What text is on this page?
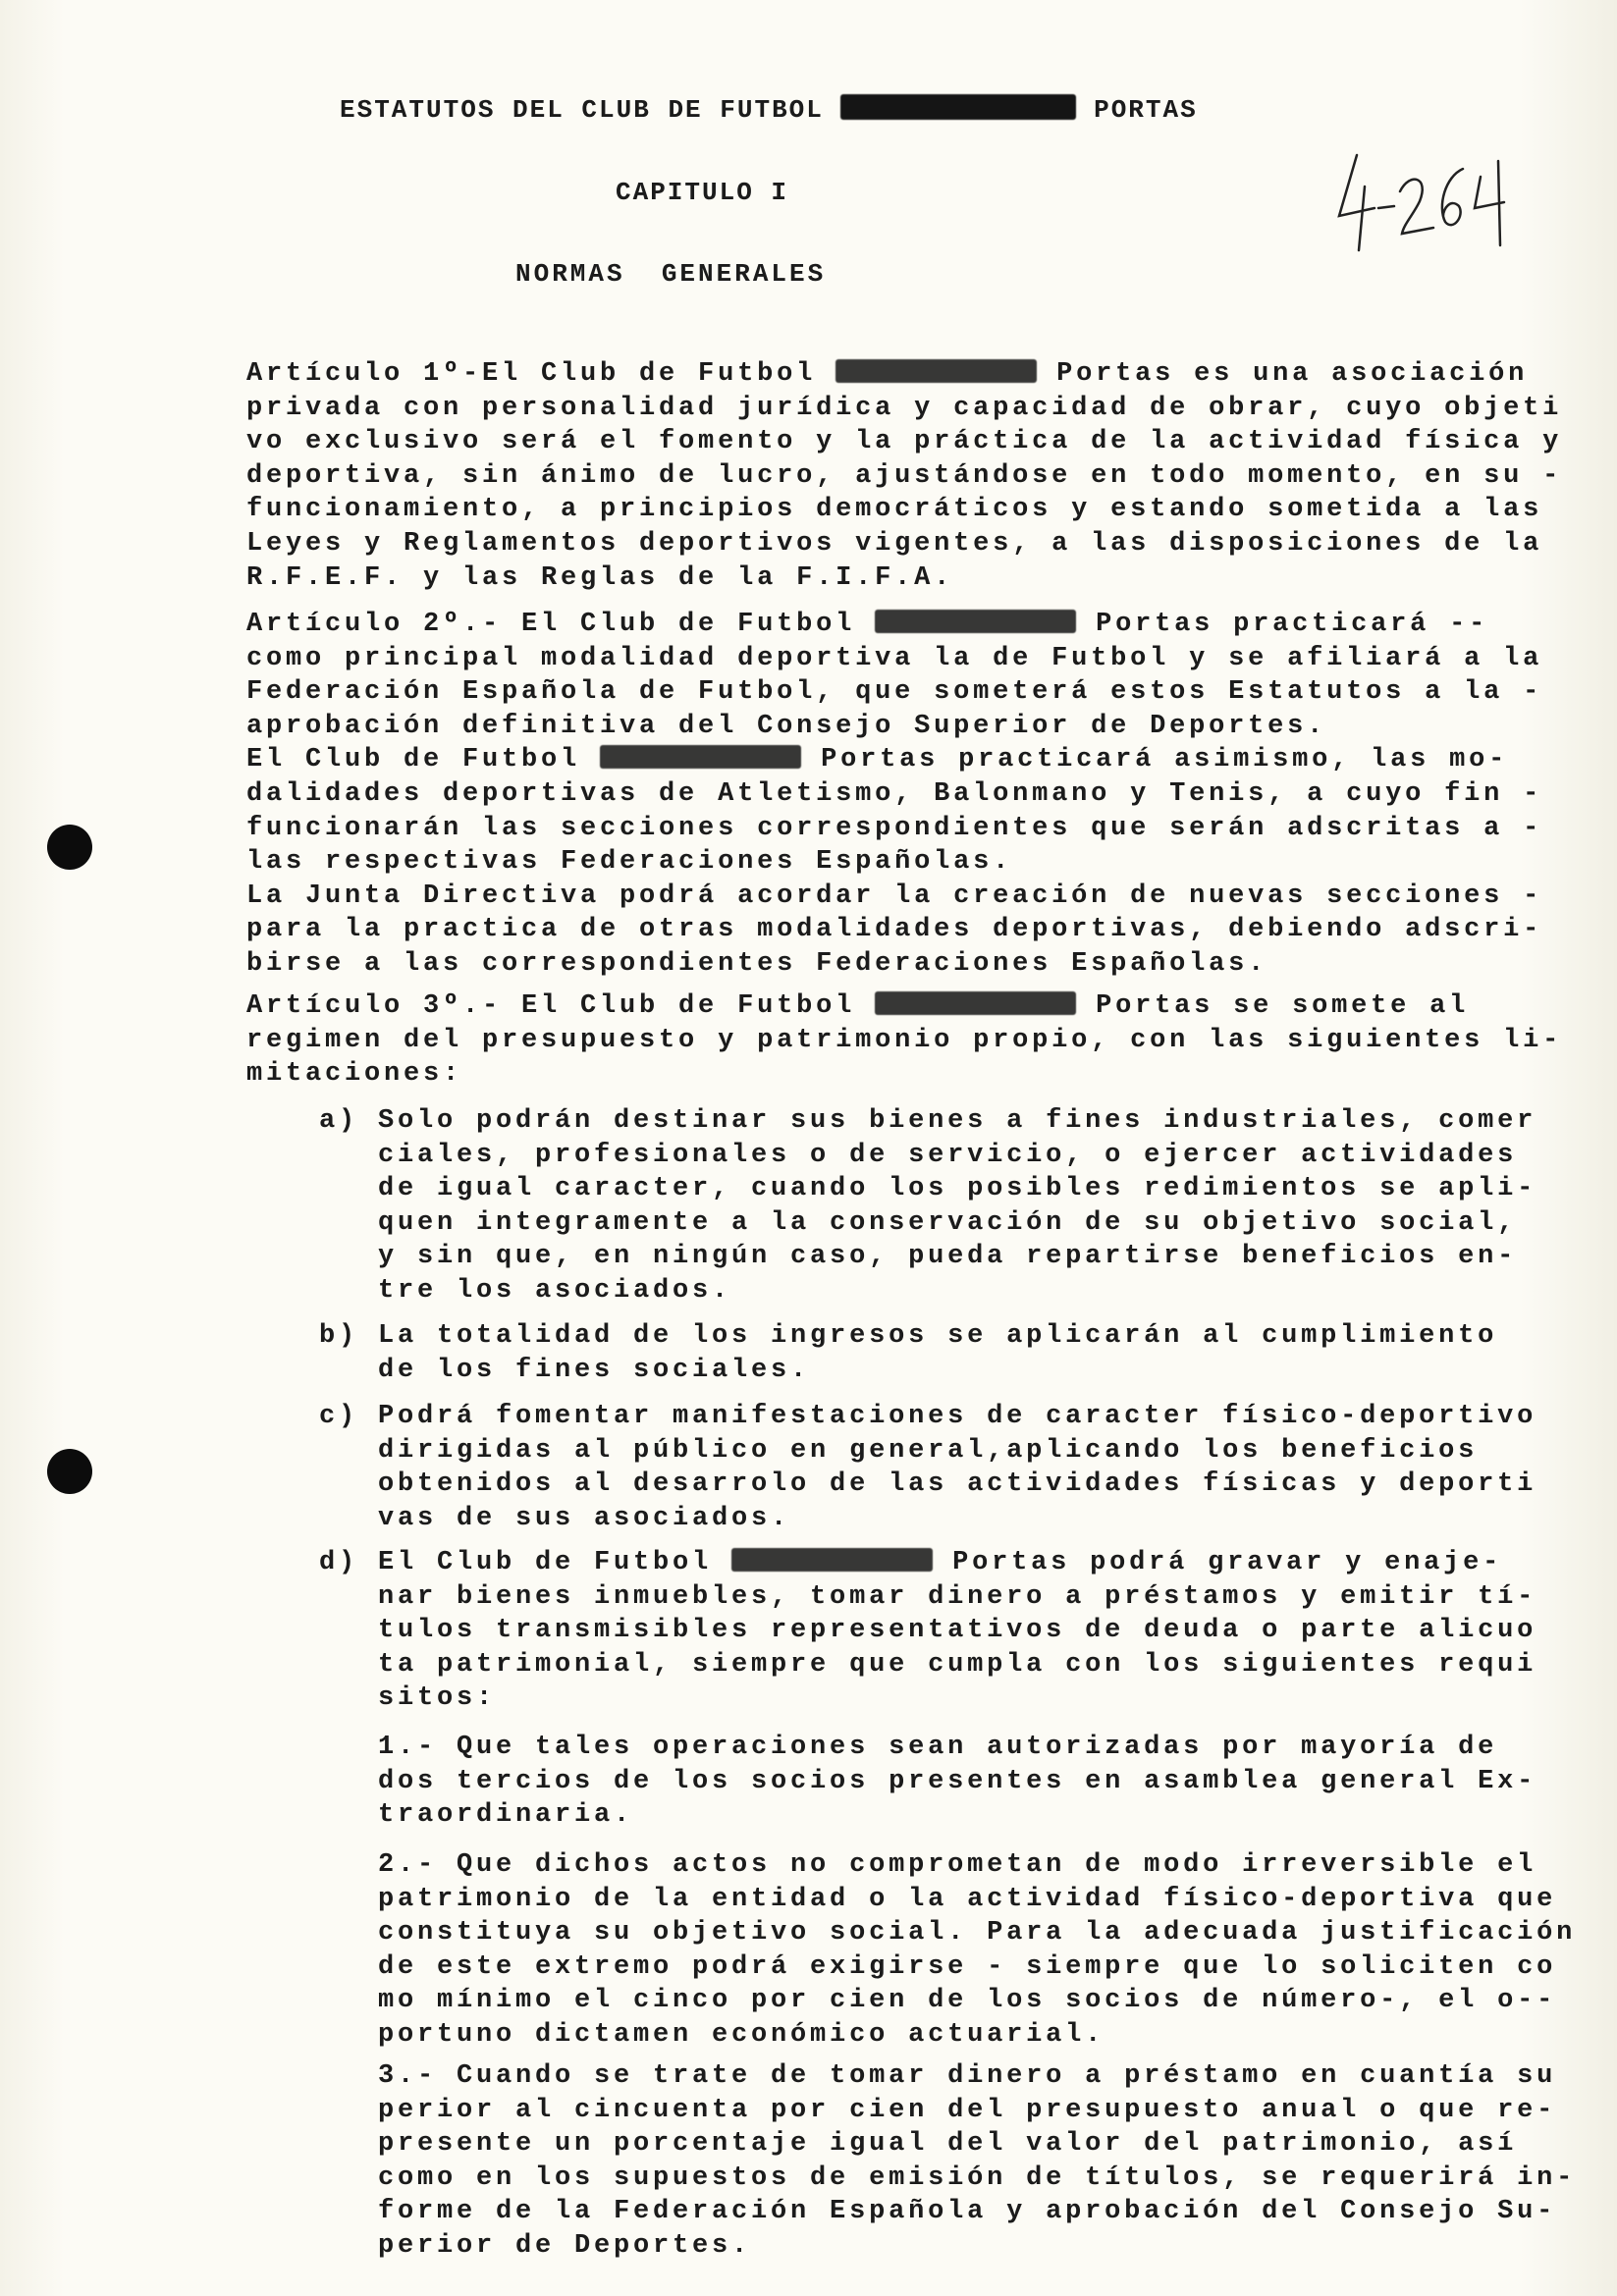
ESTATUTOS DEL CLUB DE FUTBOL	PORTAS
CAPITULO I
NORMAS  GENERALES
Artículo 1º-El Club de Futbol	Portas es una asociación
privada con personalidad jurídica y capacidad de obrar, cuyo objeti
vo exclusivo será el fomento y la práctica de la actividad física y
deportiva, sin ánimo de lucro, ajustándose en todo momento, en su -
funcionamiento, a principios democráticos y estando sometida a las
Leyes y Reglamentos deportivos vigentes, a las disposiciones de la
R.F.E.F. y las Reglas de la F.I.F.A.
Artículo 2º.- El Club de Futbol	Portas practicará --
como principal modalidad deportiva la de Futbol y se afiliará a la
Federación Española de Futbol, que someterá estos Estatutos a la -
aprobación definitiva del Consejo Superior de Deportes.
El Club de Futbol	Portas practicará asimismo, las mo-
dalidades deportivas de Atletismo, Balonmano y Tenis, a cuyo fin -
funcionarán las secciones correspondientes que serán adscritas a -
las respectivas Federaciones Españolas.
La Junta Directiva podrá acordar la creación de nuevas secciones -
para la practica de otras modalidades deportivas, debiendo adscri-
birse a las correspondientes Federaciones Españolas.
Artículo 3º.- El Club de Futbol	Portas se somete al
regimen del presupuesto y patrimonio propio, con las siguientes li-
mitaciones:
a) Solo podrán destinar sus bienes a fines industriales, comer
ciales, profesionales o de servicio, o ejercer actividades
de igual caracter, cuando los posibles redimientos se apli-
quen integramente a la conservación de su objetivo social,
y sin que, en ningún caso, pueda repartirse beneficios en-
tre los asociados.
b) La totalidad de los ingresos se aplicarán al cumplimiento
de los fines sociales.
c) Podrá fomentar manifestaciones de caracter físico-deportivo
dirigidas al público en general,aplicando los beneficios
obtenidos al desarrolo de las actividades físicas y deporti
vas de sus asociados.
d) El Club de Futbol	Portas podrá gravar y enaje-
nar bienes inmuebles, tomar dinero a préstamos y emitir tí-
tulos transmisibles representativos de deuda o parte alicuo
ta patrimonial, siempre que cumpla con los siguientes requi
sitos:
1.- Que tales operaciones sean autorizadas por mayoría de
dos tercios de los socios presentes en asamblea general Ex-
traordinaria.
2.- Que dichos actos no comprometan de modo irreversible el
patrimonio de la entidad o la actividad físico-deportiva que
constituya su objetivo social. Para la adecuada justificación
de este extremo podrá exigirse - siempre que lo soliciten co
mo mínimo el cinco por cien de los socios de número-, el o--
portuno dictamen económico actuarial.
3.- Cuando se trate de tomar dinero a préstamo en cuantía su
perior al cincuenta por cien del presupuesto anual o que re-
presente un porcentaje igual del valor del patrimonio, así
como en los supuestos de emisión de títulos, se requerirá in-
forme de la Federación Española y aprobación del Consejo Su-
perior de Deportes.
